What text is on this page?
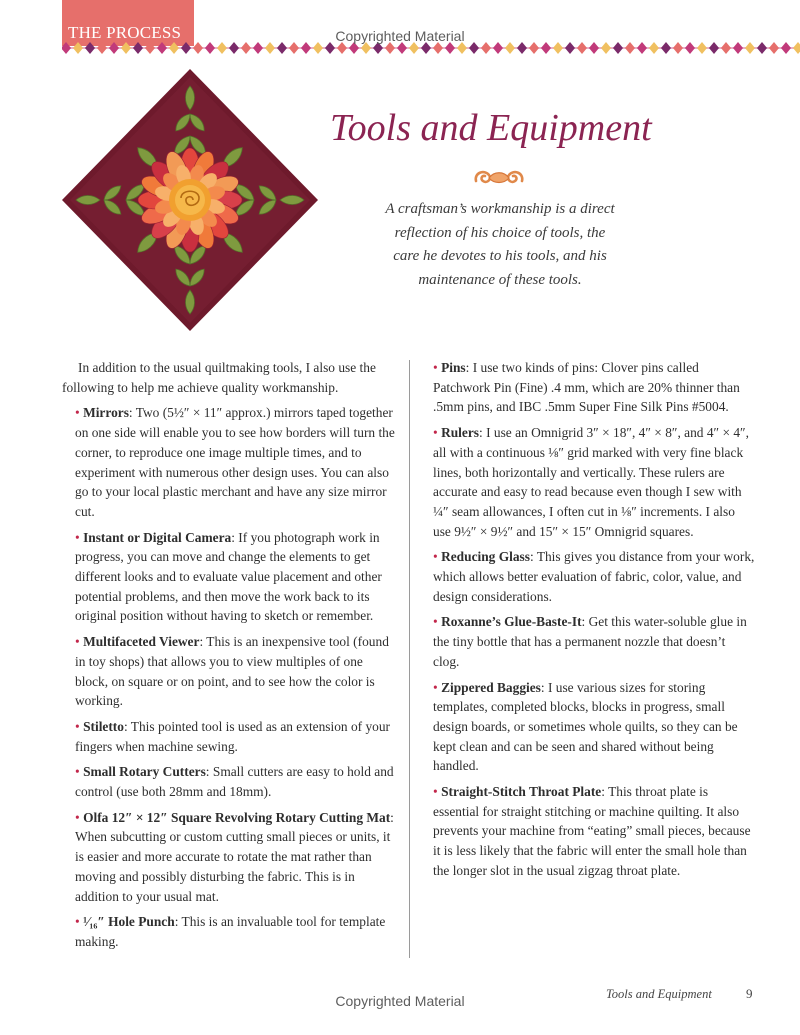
THE PROCESS	Copyrighted Material
Tools and Equipment
A craftsman’s workmanship is a direct
reflection of his choice of tools, the
care he devotes to his tools, and his
maintenance of these tools.

In addition to the usual quiltmaking tools, I also use the following to help me achieve quality workmanship.

• Mirrors: Two (5½″ × 11″ approx.) mirrors taped together on one side will enable you to see how borders will turn the corner, to reproduce one image multiple times, and to experiment with numerous other design uses. You can also go to your local plastic merchant and have any size mirror cut.

• Instant or Digital Camera: If you photograph work in progress, you can move and change the elements to get different looks and to evaluate value placement and other potential problems, and then move the work back to its original position without having to sketch or remember.

• Multifaceted Viewer: This is an inexpensive tool (found in toy shops) that allows you to view multiples of one block, on square or on point, and to see how the color is working.

• Stiletto: This pointed tool is used as an extension of your fingers when machine sewing.

• Small Rotary Cutters: Small cutters are easy to hold and control (use both 28mm and 18mm).

• Olfa 12″ × 12″ Square Revolving Rotary Cutting Mat: When subcutting or custom cutting small pieces or units, it is easier and more accurate to rotate the mat rather than moving and possibly disturbing the fabric. This is in addition to your usual mat.

• ¹⁄₁₆″ Hole Punch: This is an invaluable tool for template making.

• Pins: I use two kinds of pins: Clover pins called Patchwork Pin (Fine) .4 mm, which are 20% thinner than .5mm pins, and IBC .5mm Super Fine Silk Pins #5004.

• Rulers: I use an Omnigrid 3″ × 18″, 4″ × 8″, and 4″ × 4″, all with a continuous ⅛″ grid marked with very fine black lines, both horizontally and vertically. These rulers are accurate and easy to read because even though I sew with ¼″ seam allowances, I often cut in ⅛″ increments. I also use 9½″ × 9½″ and 15″ × 15″ Omnigrid squares.

• Reducing Glass: This gives you distance from your work, which allows better evaluation of fabric, color, value, and design considerations.

• Roxanne’s Glue-Baste-It: Get this water-soluble glue in the tiny bottle that has a permanent nozzle that doesn’t clog.

• Zippered Baggies: I use various sizes for storing templates, completed blocks, blocks in progress, small design boards, or sometimes whole quilts, so they can be kept clean and can be seen and shared without being handled.

• Straight-Stitch Throat Plate: This throat plate is essential for straight stitching or machine quilting. It also prevents your machine from “eating” small pieces, because it is less likely that the fabric will enter the small hole than the longer slot in the usual zigzag throat plate.

Copyrighted Material	Tools and Equipment	9
